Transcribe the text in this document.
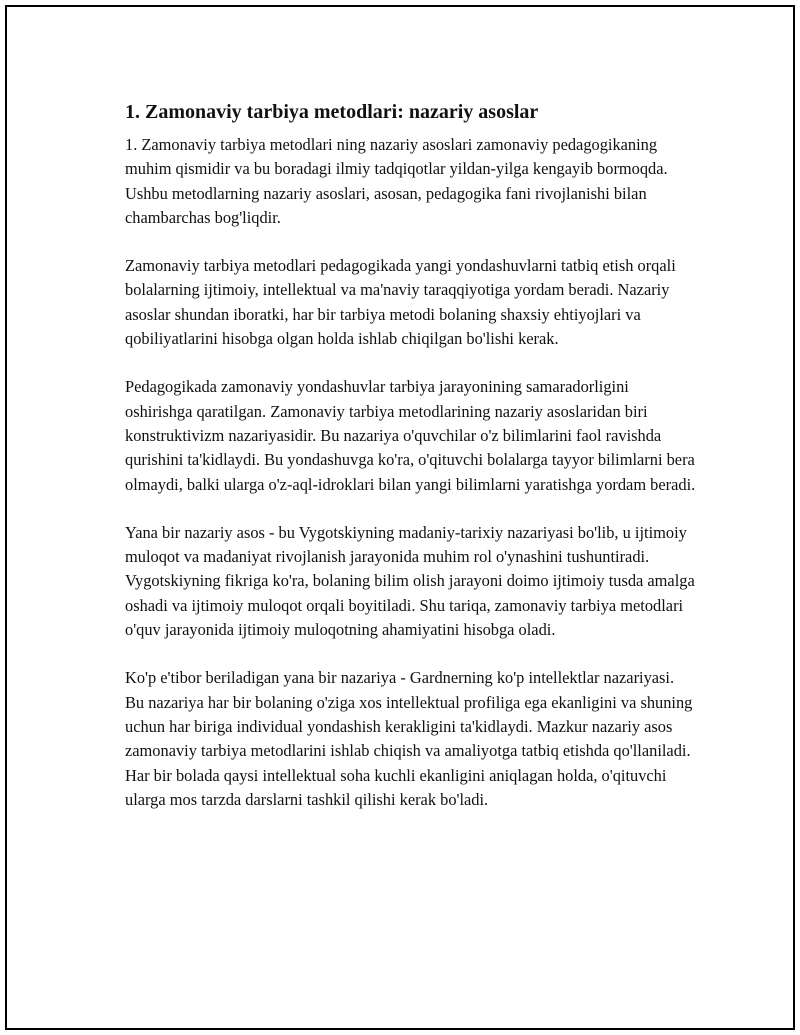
1. Zamonaviy tarbiya metodlari: nazariy asoslar

1. Zamonaviy tarbiya metodlari ning nazariy asoslari zamonaviy pedagogikaning muhim qismidir va bu boradagi ilmiy tadqiqotlar yildan-yilga kengayib bormoqda. Ushbu metodlarning nazariy asoslari, asosan, pedagogika fani rivojlanishi bilan chambarchas bog'liqdir.

Zamonaviy tarbiya metodlari pedagogikada yangi yondashuvlarni tatbiq etish orqali bolalarning ijtimoiy, intellektual va ma'naviy taraqqiyotiga yordam beradi. Nazariy asoslar shundan iboratki, har bir tarbiya metodi bolaning shaxsiy ehtiyojlari va qobiliyatlarini hisobga olgan holda ishlab chiqilgan bo'lishi kerak.

Pedagogikada zamonaviy yondashuvlar tarbiya jarayonining samaradorligini oshirishga qaratilgan. Zamonaviy tarbiya metodlarining nazariy asoslaridan biri konstruktivizm nazariyasidir. Bu nazariya o'quvchilar o'z bilimlarini faol ravishda qurishini ta'kidlaydi. Bu yondashuvga ko'ra, o'qituvchi bolalarga tayyor bilimlarni bera olmaydi, balki ularga o'z-aql-idroklari bilan yangi bilimlarni yaratishga yordam beradi.

Yana bir nazariy asos - bu Vygotskiyning madaniy-tarixiy nazariyasi bo'lib, u ijtimoiy muloqot va madaniyat rivojlanish jarayonida muhim rol o'ynashini tushuntiradi. Vygotskiyning fikriga ko'ra, bolaning bilim olish jarayoni doimo ijtimoiy tusda amalga oshadi va ijtimoiy muloqot orqali boyitiladi. Shu tariqa, zamonaviy tarbiya metodlari o'quv jarayonida ijtimoiy muloqotning ahamiyatini hisobga oladi.

Ko'p e'tibor beriladigan yana bir nazariya - Gardnerning ko'p intellektlar nazariyasi. Bu nazariya har bir bolaning o'ziga xos intellektual profiliga ega ekanligini va shuning uchun har biriga individual yondashish kerakligini ta'kidlaydi. Mazkur nazariy asos zamonaviy tarbiya metodlarini ishlab chiqish va amaliyotga tatbiq etishda qo'llaniladi. Har bir bolada qaysi intellektual soha kuchli ekanligini aniqlagan holda, o'qituvchi ularga mos tarzda darslarni tashkil qilishi kerak bo'ladi.
